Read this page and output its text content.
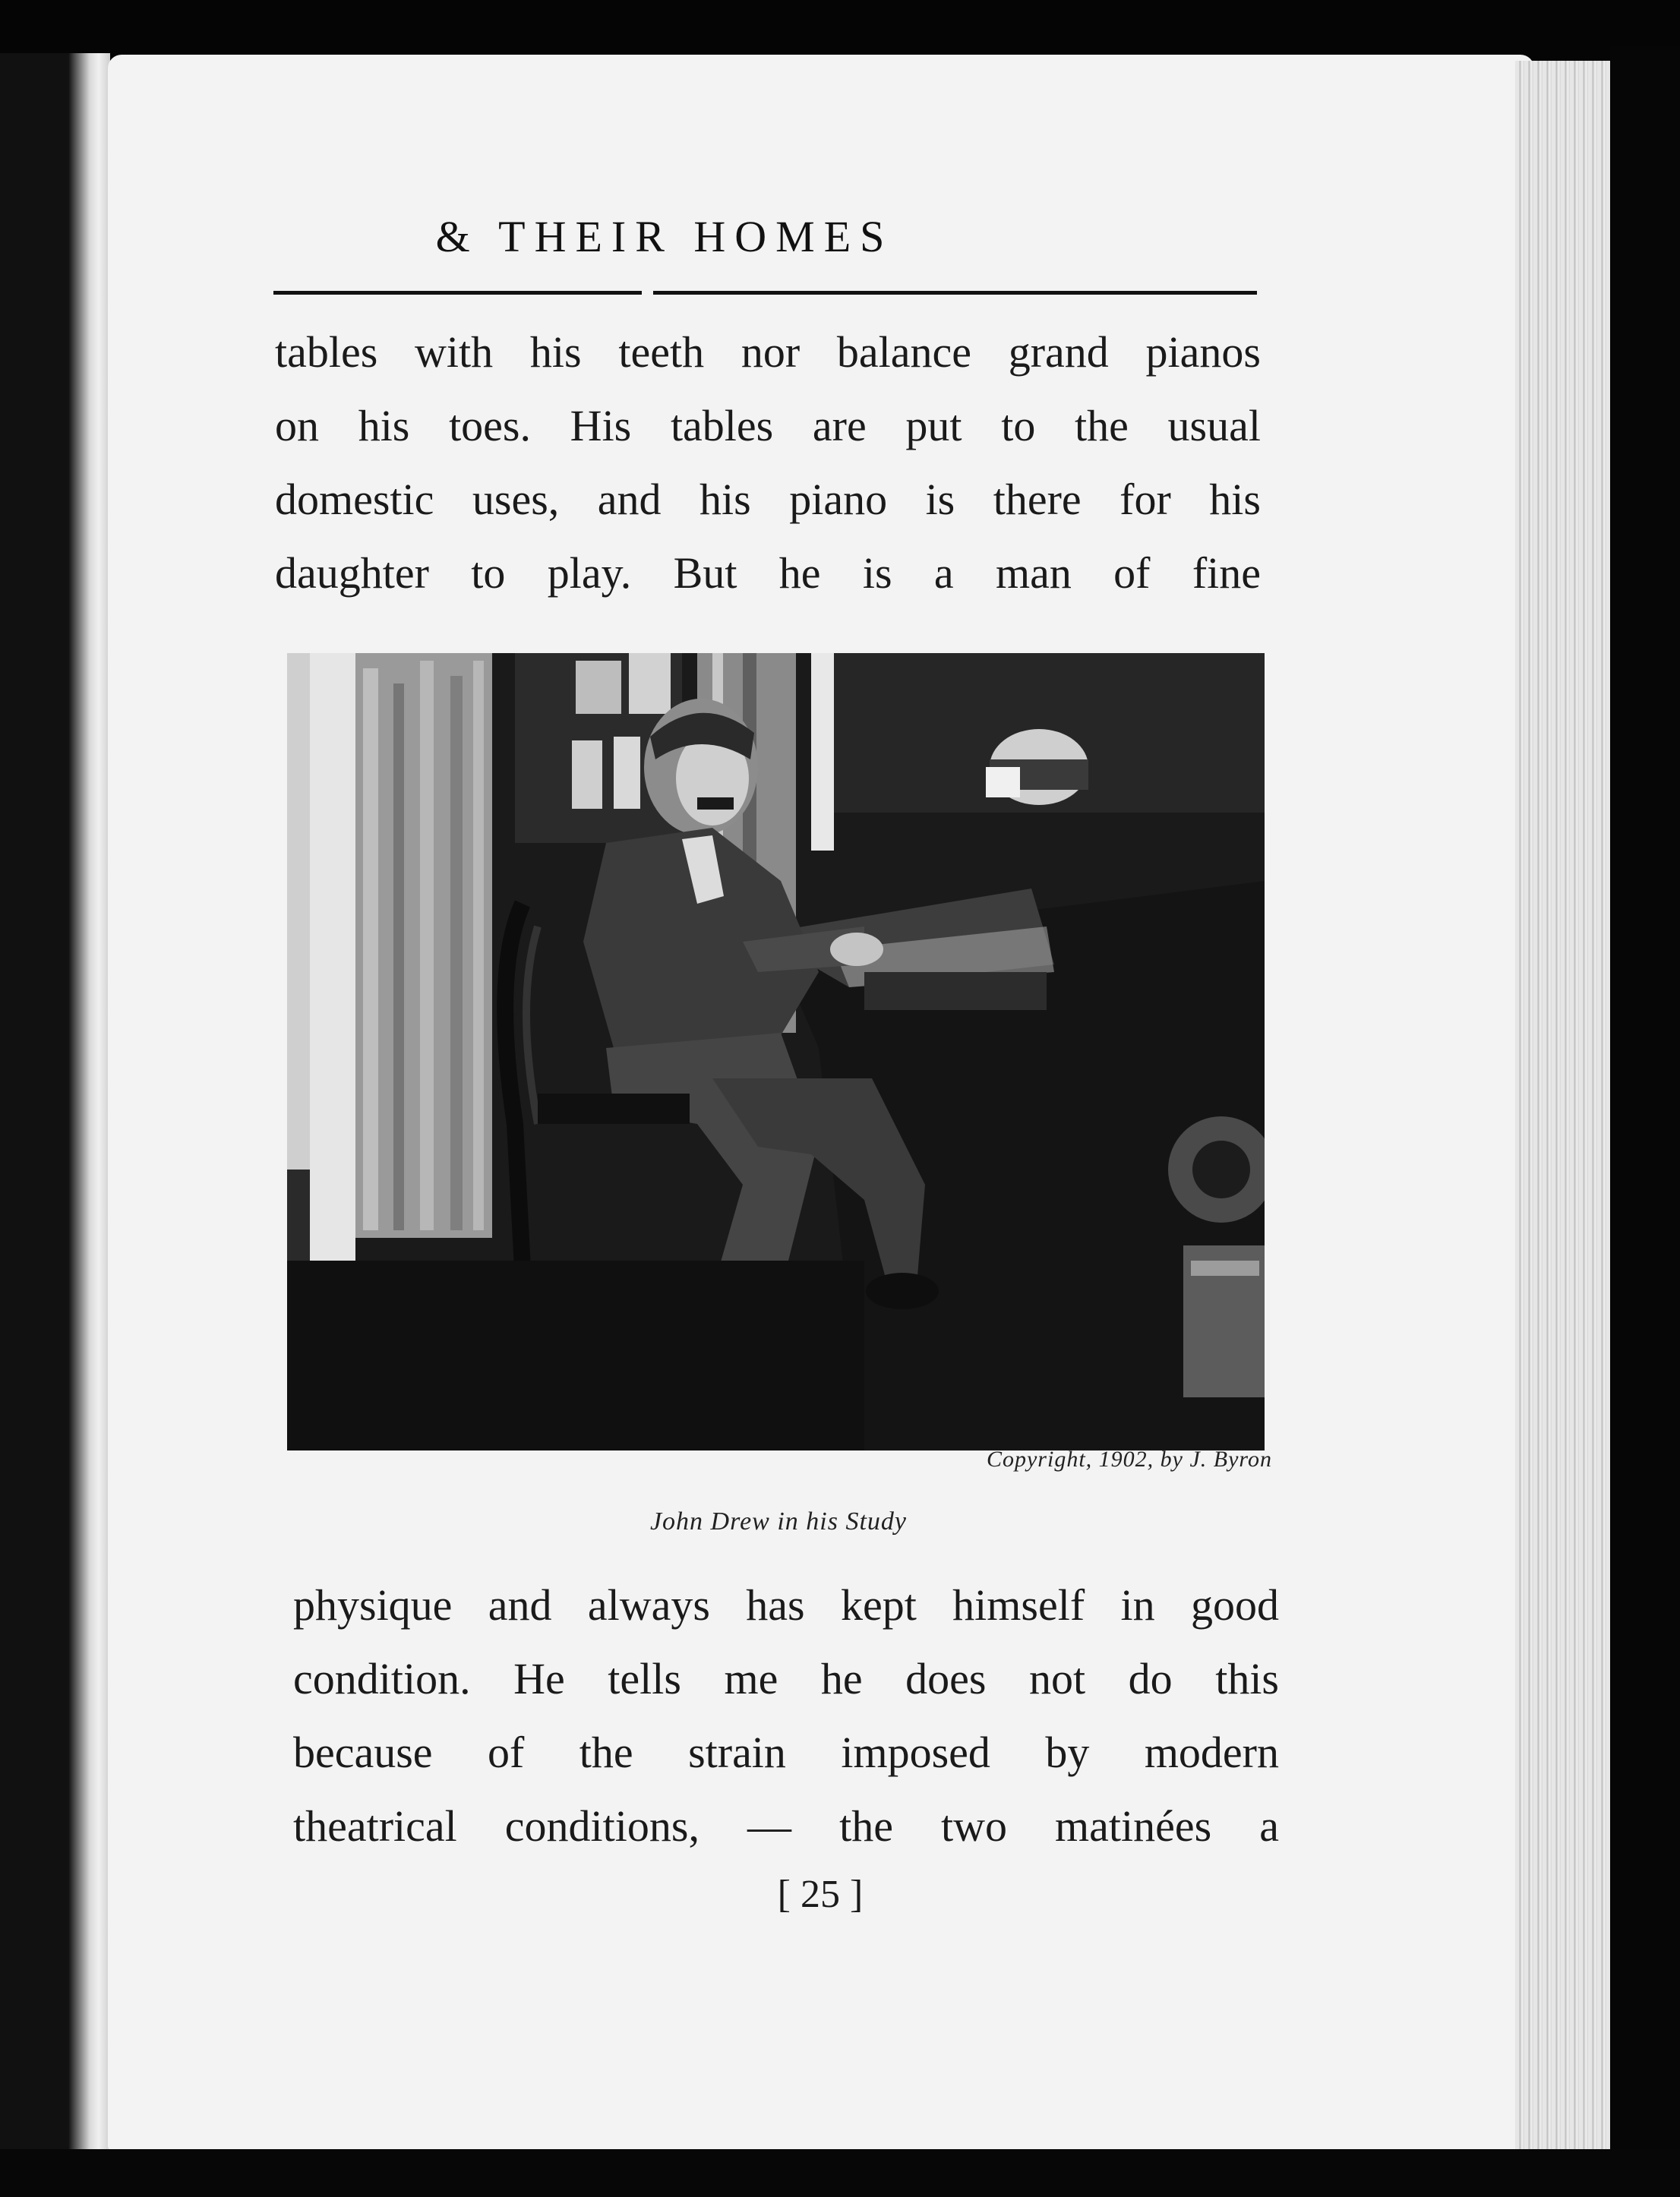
& THEIR HOMES
tables with his teeth nor balance grand pianos
on his toes. His tables are put to the usual
domestic uses, and his piano is there for his
daughter to play. But he is a man of fine
Copyright, 1902, by J. Byron
John Drew in his Study
physique and always has kept himself in good
condition. He tells me he does not do this
because of the strain imposed by modern
theatrical conditions, — the two matinées a
[ 25 ]
